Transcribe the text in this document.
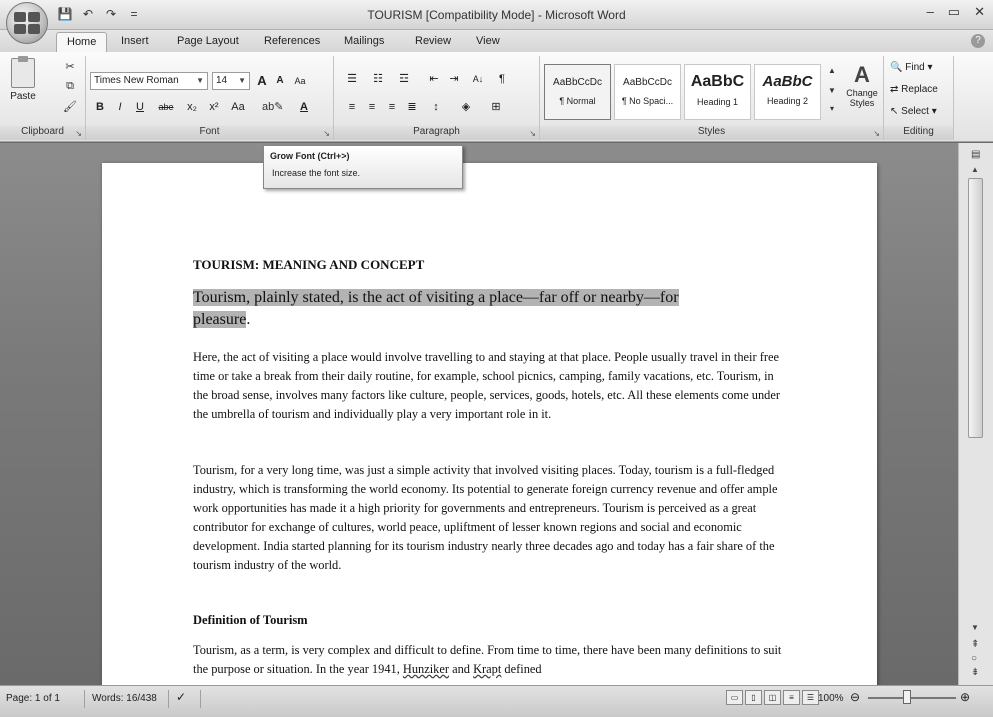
💾 ↶	↷	=	TOURISM [Compatibility Mode] - Microsoft Word	‒ ▭ ✕
Home	Insert	Page Layout References Mailings	Review View	?
Paste
✂
⧉
🖌
Clipboard ↘
Times New Roman ▼	14 ▼ A A	Aa
B	I	U	abe x₂	x²	Aa ab✎	A
Font	↘
☰ ☷ ☲	⇤ ⇥	A↓	¶
≡	≡	≡	≣	↕	◈	⊞
Paragraph	↘
AaBbCcDc
¶ Normal
AaBbCcDc
¶ No Spaci...
AaBbC
Heading 1
AaBbC
Heading 2
▲
▼
▾
A
Change Styles
Styles	↘
🔍 Find ▾
⇄ Replace
↖ Select ▾
Editing
Grow Font (Ctrl+>)
Increase the font size.
TOURISM: MEANING AND CONCEPT
Tourism, plainly stated, is the act of visiting a place—far off or nearby—for
pleasure.

Here, the act of visiting a place would involve travelling to and staying at that place. People usually travel in their free time or take a break from their daily routine, for example, school picnics, camping, family vacations, etc. Tourism, in the broad sense, involves many factors like culture, people, services, goods, hotels, etc. All these elements come under the umbrella of tourism and individually play a very important role in it.

Tourism, for a very long time, was just a simple activity that involved visiting places. Today, tourism is a full-fledged industry, which is transforming the world economy. Its potential to generate foreign currency revenue and offer ample work opportunities has made it a high priority for governments and entrepreneurs. Tourism is perceived as a great contributor for exchange of cultures, world peace, upliftment of lesser known regions and social and economic development. India started planning for its tourism industry nearly three decades ago and today has a fair share of the tourism industry of the world.

Definition of Tourism

Tourism, as a term, is very complex and difficult to define. From time to time, there have been many definitions to suit the purpose or situation. In the year 1941, Hunziker and Krapt defined

▤
▲
▼
⇞
○
⇟
Page: 1 of 1	Words: 16/438 ✓	▭	▯	◫	≡	☰ 100% ⊖	⊕
